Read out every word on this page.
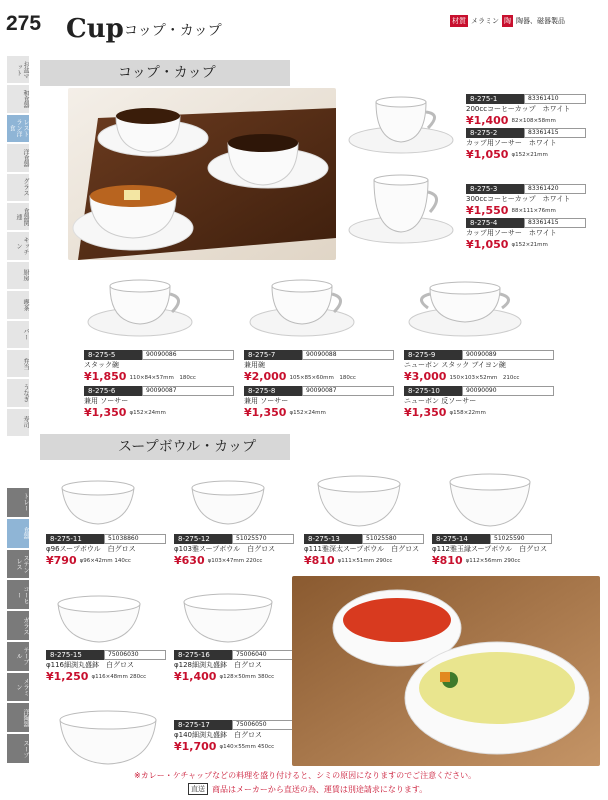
275 Cup コップ・カップ
材質 メラミン 陶 陶器、磁器製品
お盆マット
和食器
レストラン洋食
洋食器
グラス
食器関連
キッチン
厨房
喫茶
バー
弁当
うなぎ
寿司
トレー
食器
ステンレス
コーヒー
ガラス
テーブル
メラミン
洋陶器
スープ
コップ・カップ
8-275-1	83361410
200ccコーヒーカップ　ホワイト
¥1,400 82×108×58mm
8-275-2	83361415
カップ用ソーサー　ホワイト
¥1,050 φ152×21mm
8-275-3	83361420
300ccコーヒーカップ　ホワイト
¥1,550 88×111×76mm
8-275-4	83361415
カップ用ソーサー　ホワイト
¥1,050 φ152×21mm
8-275-5	90090086
スタック碗
¥1,850 110×84×57mm　180cc
8-275-6	90090087
兼用 ソーサー
¥1,350 φ152×24mm
8-275-7	90090088
兼用碗
¥2,000 105×85×60mm　180cc
8-275-8	90090087
兼用 ソーサー
¥1,350 φ152×24mm
8-275-9	90090089
ニューボン スタック ブイヨン碗
¥3,000 150×103×52mm　210cc
8-275-10	90090090
ニューボン 反ソーサー
¥1,350 φ158×22mm
スープボウル・カップ
8-275-11	51038860
φ96スープボウル　白グロス
¥790 φ96×42mm 140cc
8-275-12	51025570
φ103雅スープボウル　白グロス
¥630 φ103×47mm 220cc
8-275-13	51025580
φ111雅深太スープボウル　白グロス
¥810 φ111×51mm 290cc
8-275-14	51025590
φ112雅玉縁スープボウル　白グロス
¥810 φ112×56mm 290cc
8-275-15	75006030
φ116細渕丸盛鉢　白グロス
¥1,250 φ116×48mm 280cc
8-275-16	75006040
φ128細渕丸盛鉢　白グロス
¥1,400 φ128×50mm 380cc
8-275-17	75006050
φ140細渕丸盛鉢　白グロス
¥1,700 φ140×55mm 450cc
※カレー・ケチャップなどの料理を盛り付けると、シミの原因になりますのでご注意ください。
直送 商品はメーカーから直送の為、運賃は別途請求になります。
